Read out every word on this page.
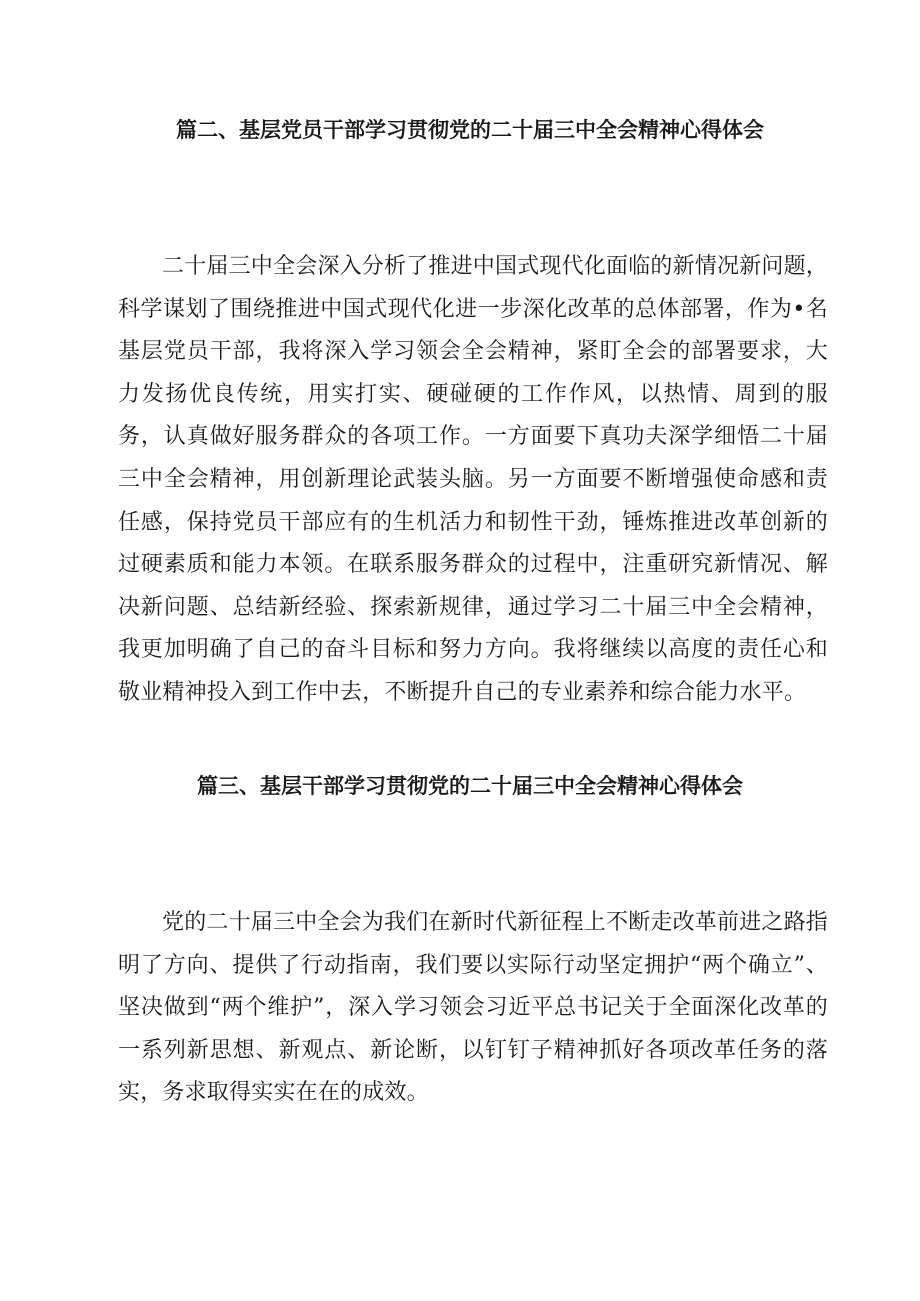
篇二、基层党员干部学习贯彻党的二十届三中全会精神心得体会

二十届三中全会深入分析了推进中国式现代化面临的新情况新问题，科学谋划了围绕推进中国式现代化进一步深化改革的总体部署，作为•名基层党员干部，我将深入学习领会全会精神，紧盯全会的部署要求，大力发扬优良传统，用实打实、硬碰硬的工作作风，以热情、周到的服务，认真做好服务群众的各项工作。一方面要下真功夫深学细悟二十届三中全会精神，用创新理论武装头脑。另一方面要不断增强使命感和责任感，保持党员干部应有的生机活力和韧性干劲，锤炼推进改革创新的过硬素质和能力本领。在联系服务群众的过程中，注重研究新情况、解决新问题、总结新经验、探索新规律，通过学习二十届三中全会精神，我更加明确了自己的奋斗目标和努力方向。我将继续以高度的责任心和敬业精神投入到工作中去，不断提升自己的专业素养和综合能力水平。

篇三、基层干部学习贯彻党的二十届三中全会精神心得体会

党的二十届三中全会为我们在新时代新征程上不断走改革前进之路指明了方向、提供了行动指南，我们要以实际行动坚定拥护“两个确立”、坚决做到“两个维护”，深入学习领会习近平总书记关于全面深化改革的一系列新思想、新观点、新论断，以钉钉子精神抓好各项改革任务的落实，务求取得实实在在的成效。
